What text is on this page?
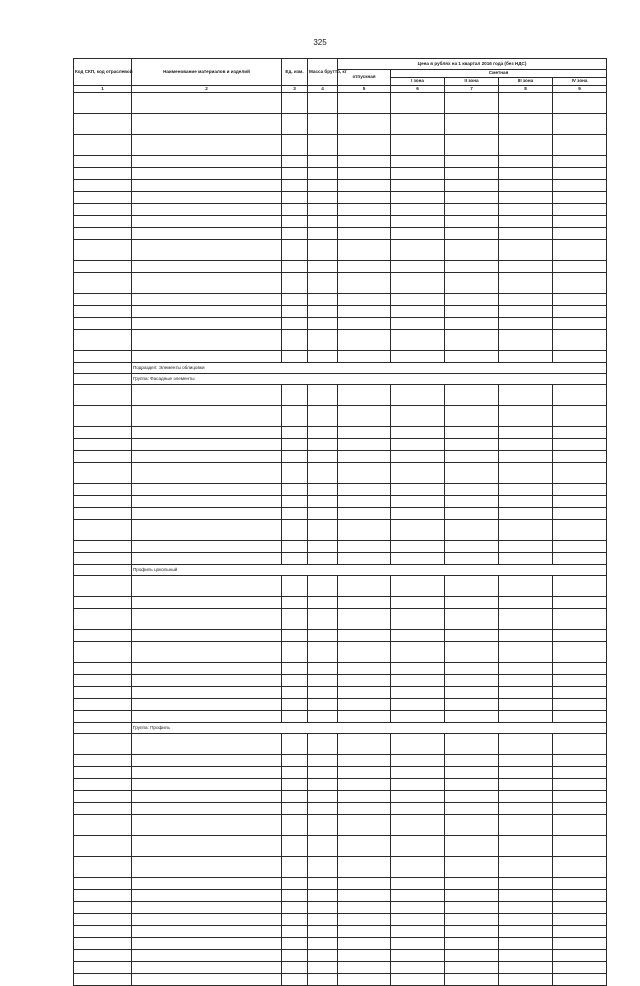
325
Код СКП, код отраслевой	Наименование материалов и изделий	Ед. изм.	Масса брутто, кг	Цена в рублях на 1 квартал 2016 года (без НДС)				
				отпускная	Сметная			
					I зона	II зона	III зона	IV зона
1	2	3	4	5	6	7	8	9

	Подраздел: Элементы облицовки							
	Группа: Фасадные элементы							

	Профиль цокольный							

	Группа: Профиль							
